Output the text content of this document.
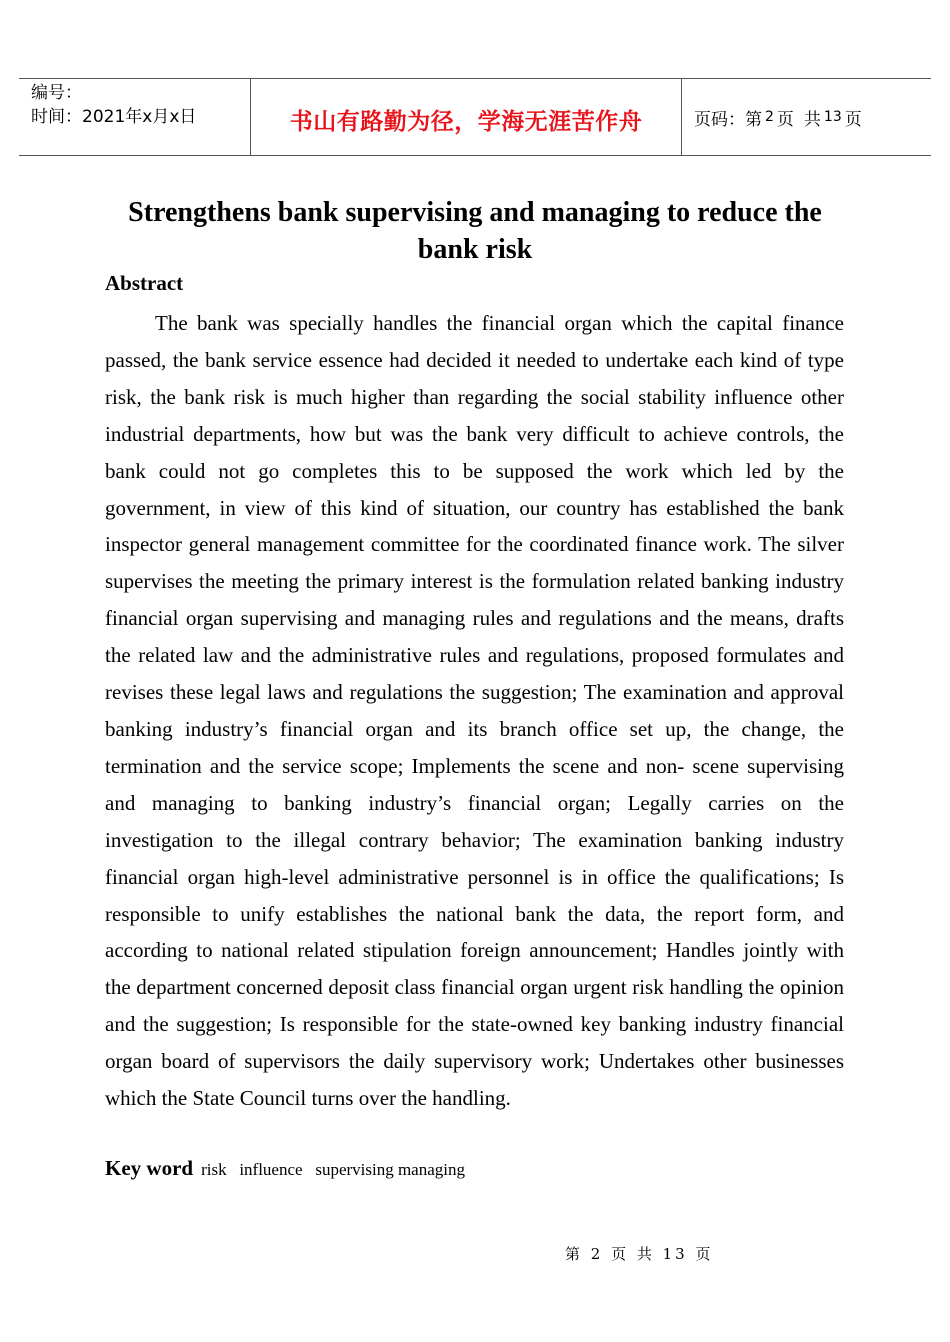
编号：
时间：2021年x月x日	书山有路勤为径，学海无涯苦作舟	页码：第 2 页 共 13 页
Strengthens bank supervising and managing to reduce the bank risk
Abstract

The bank was specially handles the financial organ which the capital finance passed, the bank service essence had decided it needed to undertake each kind of type risk, the bank risk is much higher than regarding the social stability influence other industrial departments, how but was the bank very difficult to achieve controls, the bank could not go completes this to be supposed the work which led by the government, in view of this kind of situation, our country has established the bank inspector general management committee for the coordinated finance work. The silver supervises the meeting the primary interest is the formulation related banking industry financial organ supervising and managing rules and regulations and the means, drafts the related law and the administrative rules and regulations, proposed formulates and revises these legal laws and regulations the suggestion; The examination and approval banking industry’s financial organ and its branch office set up, the change, the termination and the service scope; Implements the scene and non- scene supervising and managing to banking industry’s financial organ; Legally carries on the investigation to the illegal contrary behavior; The examination banking industry financial organ high-level administrative personnel is in office the qualifications; Is responsible to unify establishes the national bank the data, the report form, and according to national related stipulation foreign announcement; Handles jointly with the department concerned deposit class financial organ urgent risk handling the opinion and the suggestion; Is responsible for the state-owned key banking industry financial organ board of supervisors the daily supervisory work; Undertakes other businesses which the State Council turns over the handling.

Key word risk   influence   supervising managing
第 2 页 共 13 页
